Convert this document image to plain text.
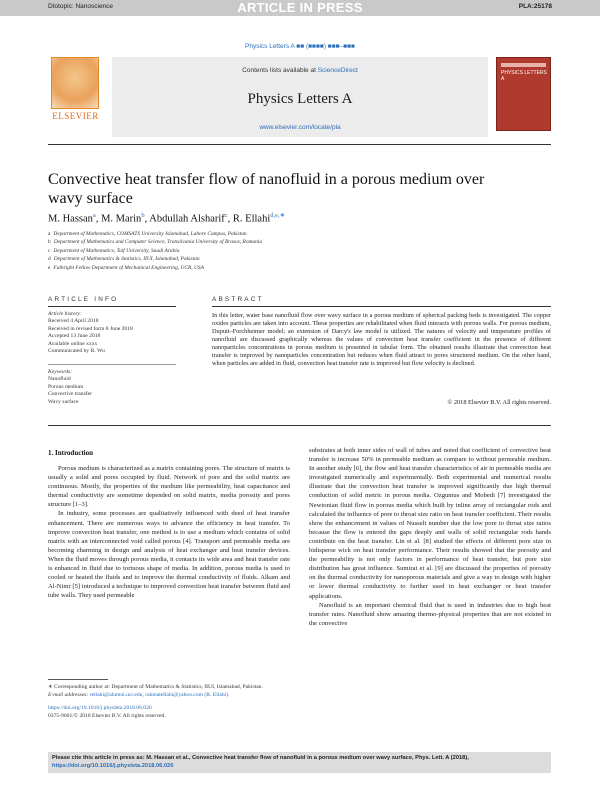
Dtotopic: Nanoscience	ARTICLE IN PRESS	PLA:25178
Physics Letters A ■■ (■■■■) ■■■–■■■
ELSEVIER
Contents lists available at ScienceDirect
Physics Letters A
www.elsevier.com/locate/pla
PHYSICS LETTERS A
Convective heat transfer flow of nanofluid in a porous medium over
wavy surface
M. Hassan$^a$, M. Marin$^b$, Abdullah Alsharif$^c$, R. Ellahi$^{d,e,∗}$
a Department of Mathematics, COMSATS University Islamabad, Lahore Campus, Pakistan
b Department of Mathematics and Computer Science, Transilvania University of Brasov, Romania
c Department of Mathematics, Taif University, Saudi Arabia
d Department of Mathematics & Statistics, IIUI, Islamabad, Pakistan
e Fulbright Fellow Department of Mechanical Engineering, UCR, USA
ARTICLE INFO	ABSTRACT
Article history:
Received 4 April 2018
Received in revised form 8 June 2018
Accepted 13 June 2018
Available online xxxx
Communicated by R. Wu
Keywords:
Nanofluid
Porous medium
Convective transfer
Wavy surface
In this letter, water base nanofluid flow over wavy surface in a porous medium of spherical packing beds is investigated. The copper oxides particles are taken into account. These properties are rehabilitated when fluid interacts with porous walls. For porous medium, Dupuit–Forchheimer model; an extension of Darcy's law model is utilized. The natures of velocity and temperature profiles of nanofluid are discussed graphically whereas the values of convection heat transfer coefficient in the presence of different nanoparticles concentrations in porous medium is presented in tabular form. The obtained results illustrate that convection heat transfer is improved by nanoparticles concentration but reduces when fluid attract to pores structured medium. On the other hand, when particles are added in fluid, convection heat transfer rate is improved but flow velocity is declined.
© 2018 Elsevier B.V. All rights reserved.
1. Introduction

Porous medium is characterized as a matrix containing pores. The structure of matrix is usually a solid and pores occupied by fluid. Network of pore and the solid matrix are continuous. Mostly, the properties of the medium like permeability, heat capacitance and thermal conductivity are sometime depended on solid matrix, media porosity and pores structure [1–3].

In industry, some processes are qualitatively influenced with deed of heat transfer enhancement. There are numerous ways to advance the efficiency in heat transfer. To improve convection heat transfer, one method is to use a medium which contains of solid matrix with an interconnected void called porous [4]. Transport and permeable media are becoming charming in design and analysis of heat exchanger and heat transfer devices. When the fluid moves through porous media, it contacts its wide area and heat transfer rate is enhanced in fluid due to tortuous shape of media. In addition, porous media is used to cooled or heated the fluids and to improve the thermal conductivity of fluids. Alkam and Al-Nimr [5] introduced a technique to improved convection heat transfer between fluid and tube walls. They used permeable

substrates at both inner sides of wall of tubes and noted that coefficient of convective heat transfer is increase 50% in permeable medium as compare to without permeable medium. In another study [6], the flow and heat transfer characteristics of air in permeable media are investigated numerically and experimentally. Both experimental and numerical results illustrate that the convection heat transfer is improved significantly due high thermal conduction of solid metric in porous media. Ozgumus and Mobedi [7] investigated the Newtonian fluid flow in porous media which built by inline array of rectangular rods and calculated the influence of pore to throat size ratio on heat transfer coefficient. Their results show the enhancement in values of Nusselt number due the low pore to throat size ratios because the flow is entered the gaps deeply and walls of solid rectangular rods hands contribute on the heat transfer. Lin et al. [8] studied the effects of different pore size in bidisperse wick on heat transfer performance. Their results showed that the porosity and the permeability is not only factors in performance of heat transfer, but pore size distribution has great influence. Sumirat et al. [9] are discussed the properties of porosity on the thermal conductivity for nanoporous materials and give a way to design with higher or lower thermal conductivity to further used in heat exchanger or heat transfer applications.

Nanofluid is an important chemical fluid that is used in industries due to high heat transfer rates. Nanofluid show amazing thermo-physical properties that are not existed in the convective

∗ Corresponding author at: Department of Mathematics & Statistics, IIUI, Islamabad, Pakistan.
E-mail addresses: rellahi@alumni.ucr.edu, rahmatellahi@yahoo.com (R. Ellahi).
https://doi.org/10.1016/j.physleta.2018.06.026
0375-9601/© 2018 Elsevier B.V. All rights reserved.
Please cite this article in press as: M. Hassan et al., Convective heat transfer flow of nanofluid in a porous medium over wavy surface, Phys. Lett. A (2018),
https://doi.org/10.1016/j.physleta.2018.06.026
